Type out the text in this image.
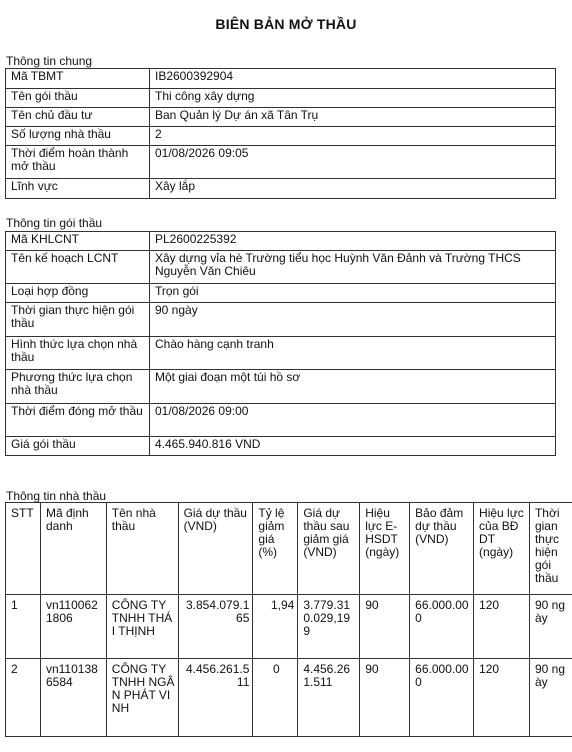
BIÊN BẢN MỞ THẦU
Thông tin chung
Mã TBMT	IB2600392904
Tên gói thầu	Thi công xây dựng
Tên chủ đầu tư	Ban Quản lý Dự án xã Tân Trụ
Số lượng nhà thầu	2
Thời điểm hoàn thành mở thầu	01/08/2026 09:05
Lĩnh vực	Xây lắp
Thông tin gói thầu
Mã KHLCNT	PL2600225392
Tên kế hoạch LCNT	Xây dựng vỉa hè Trường tiểu học Huỳnh Văn Đảnh và Trường THCS Nguyễn Văn Chiêu
Loại hợp đồng	Trọn gói
Thời gian thực hiện gói thầu	90 ngày
Hình thức lựa chọn nhà thầu	Chào hàng cạnh tranh
Phương thức lựa chọn nhà thầu	Một giai đoạn một túi hồ sơ
Thời điểm đóng mở thầu	01/08/2026 09:00
Giá gói thầu	4.465.940.816 VND
Thông tin nhà thầu
STT	Mã định danh	Tên nhà thầu	Giá dự thầu (VND)	Tỷ lệ giảm giá (%)	Giá dự thầu sau giảm giá (VND)	Hiệu lực E-HSDT (ngày)	Bảo đảm dự thầu (VND)	Hiệu lực của BĐ DT (ngày)	Thời gian thực hiện gói thầu
1	vn1100621806	CÔNG TY TNHH THÁI THỊNH	3.854.079.165	1,94	3.779.310.029,199	90	66.000.000	120	90 ngày
2	vn1101386584	CÔNG TY TNHH NGÂN PHÁT VINH	4.456.261.511	0	4.456.261.511	90	66.000.000	120	90 ngày
